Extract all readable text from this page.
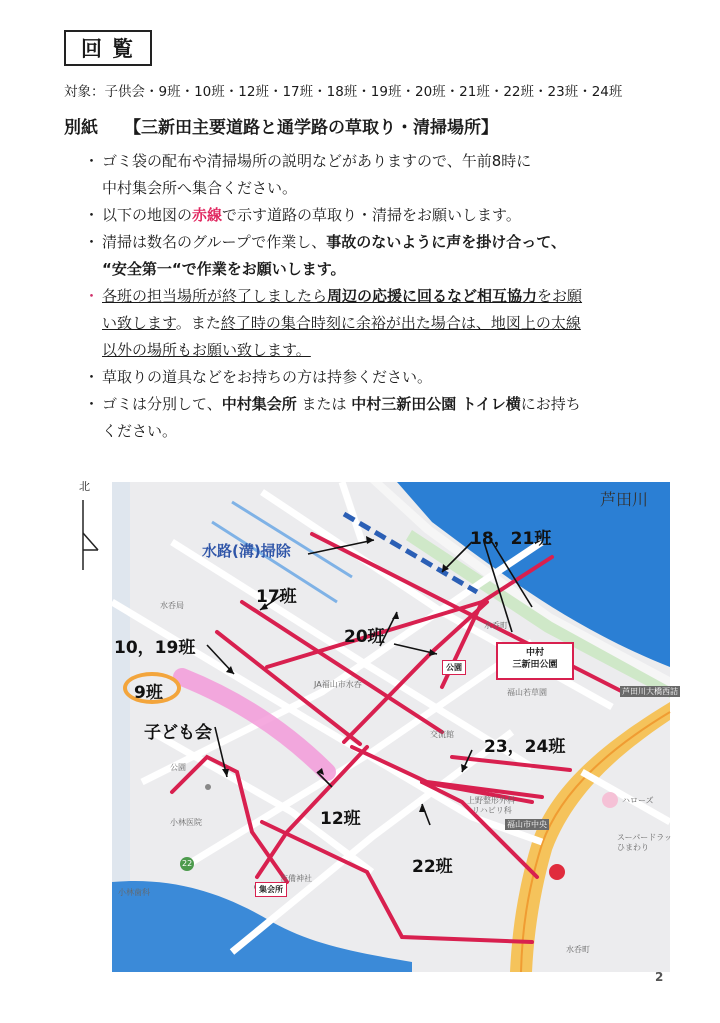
回覧
対象：子供会・9班・10班・12班・17班・18班・19班・20班・21班・22班・23班・24班
別紙 【三新田主要道路と通学路の草取り・清掃場所】
・ ゴミ袋の配布や清掃場所の説明などがありますので、午前8時に
中村集会所へ集合ください。
・ 以下の地図の赤線で示す道路の草取り・清掃をお願いします。
・ 清掃は数名のグループで作業し、事故のないように声を掛け合って、
“安全第一“で作業をお願いします。
・ 各班の担当場所が終了しましたら周辺の応援に回るなど相互協力をお願
い致します。また終了時の集合時刻に余裕が出た場合は、地図上の太線
以外の場所もお願い致します。
・ 草取りの道具などをお持ちの方は持参ください。
・ ゴミは分別して、中村集会所 または 中村三新田公園 トイレ横にお持ち
ください。
北
芦田川
水路(溝)掃除
18，21班
17班
20班
10，19班
9班
子ども会
23，24班
12班
22班
中村
三新田公園
公園
集会所
水呑局
水呑町
JA福山市水呑
交流館
芦田川大橋西詰
福山若草園
上野整形外科
リハビリ科
福山市中央
ハローズ
スーパードラッ
ひまわり
公園
小林医院
小林歯科
吉備神社
水呑町
22
2
